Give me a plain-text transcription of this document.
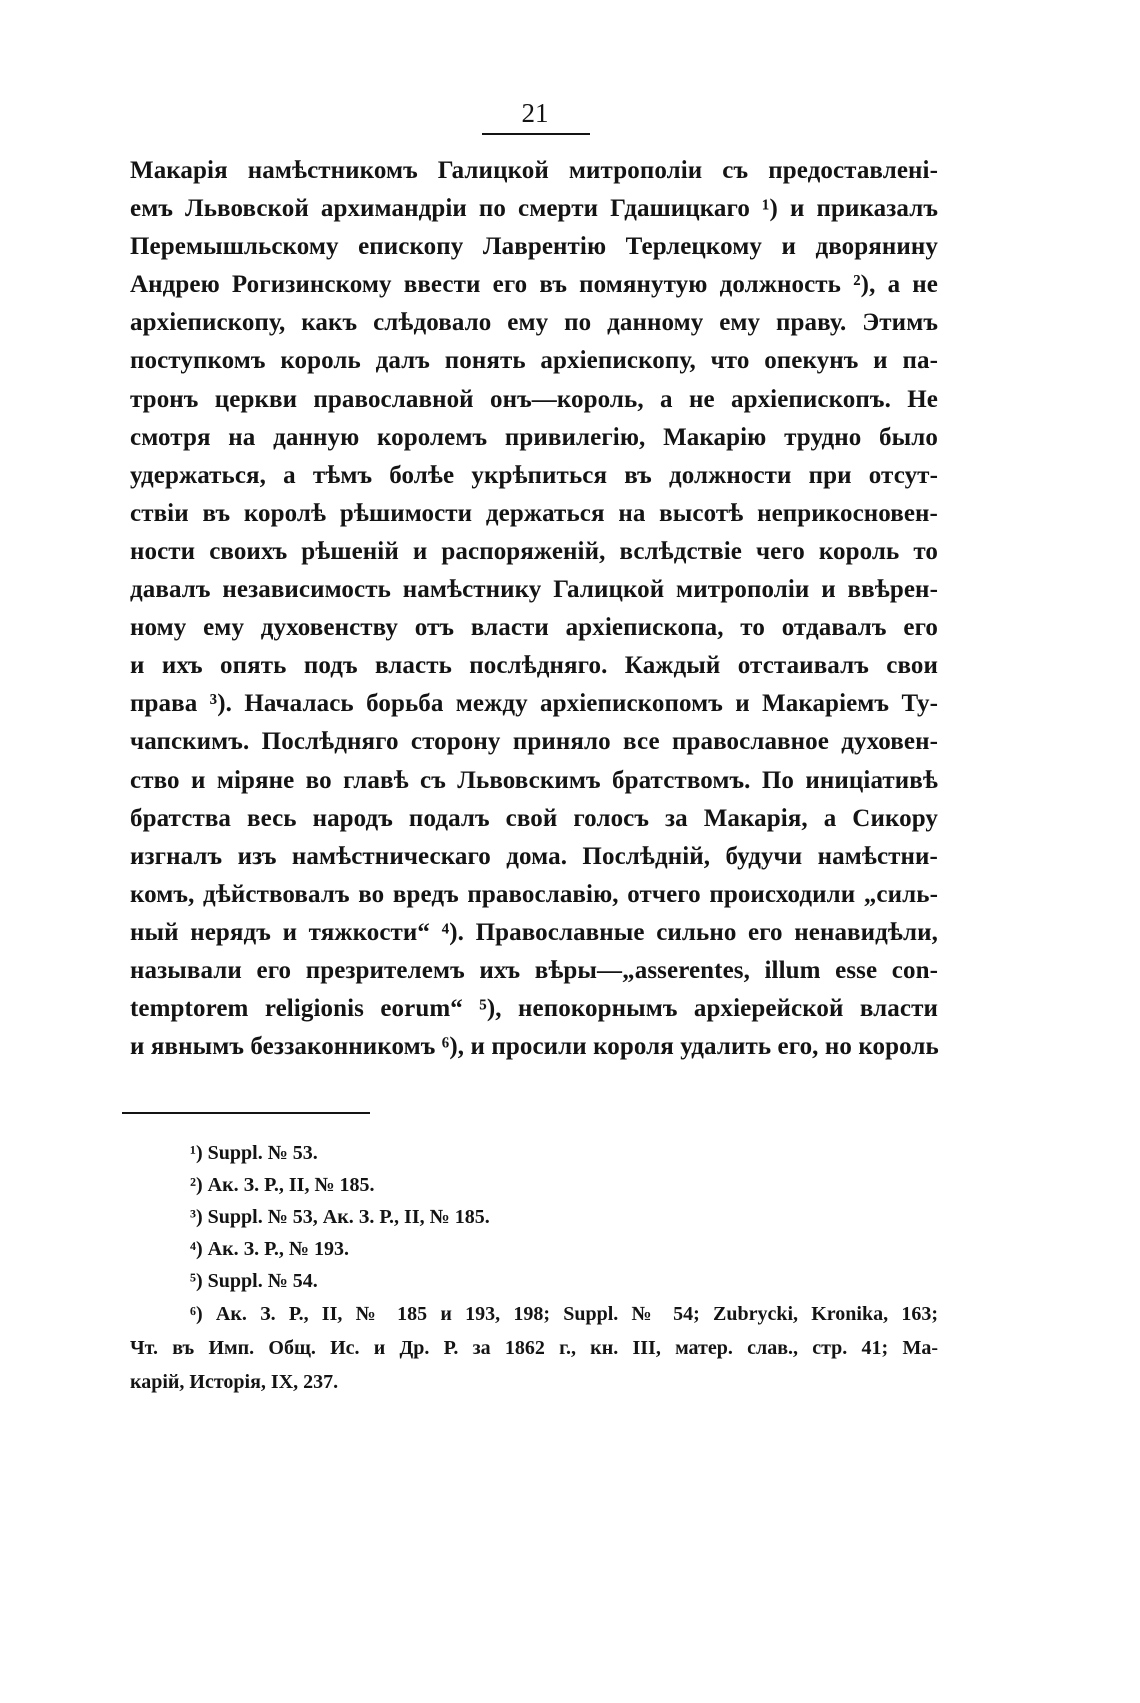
21
Макарія намѣстникомъ Галицкой митрополіи съ предоставлені-
емъ Львовской архимандріи по смерти Гдашицкаго ¹) и приказалъ
Перемышльскому епископу Лаврентію Терлецкому и дворянину
Андрею Рогизинскому ввести его въ помянутую должность ²), а не
архіепископу, какъ слѣдовало ему по данному ему праву. Этимъ
поступкомъ король далъ понять архіепископу, что опекунъ и па-
тронъ церкви православной онъ—король, а не архіепископъ. Не
смотря на данную королемъ привилегію, Макарію трудно было
удержаться, а тѣмъ болѣе укрѣпиться въ должности при отсут-
ствіи въ королѣ рѣшимости держаться на высотѣ неприкосновен-
ности своихъ рѣшеній и распоряженій, вслѣдствіе чего король то
давалъ независимость намѣстнику Галицкой митрополіи и ввѣрен-
ному ему духовенству отъ власти архіепископа, то отдавалъ его
и ихъ опять подъ власть послѣдняго. Каждый отстаивалъ свои
права ³). Началась борьба между архіепископомъ и Макаріемъ Ту-
чапскимъ. Послѣдняго сторону приняло все православное духовен-
ство и міряне во главѣ съ Львовскимъ братствомъ. По иниціативѣ
братства весь народъ подалъ свой голосъ за Макарія, а Сикору
изгналъ изъ намѣстническаго дома. Послѣдній, будучи намѣстни-
комъ, дѣйствовалъ во вредъ православію, отчего происходили „силь-
ный нерядъ и тяжкости“ ⁴). Православные сильно его ненавидѣли,
называли его презрителемъ ихъ вѣры—„asserentes, illum esse con-
temptorem religionis eorum“ ⁵), непокорнымъ архіерейской власти
и явнымъ беззаконникомъ ⁶), и просили короля удалить его, но король
¹) Suppl. № 53.
²) Ак. З. Р., II, № 185.
³) Suppl. № 53, Ак. З. Р., II, № 185.
⁴) Ак. З. Р., № 193.
⁵) Suppl. № 54.
⁶) Ак. З. Р., II, № 185 и 193, 198; Suppl. № 54; Zubrycki, Kronika, 163;
Чт. въ Имп. Общ. Ис. и Др. Р. за 1862 г., кн. III, матер. слав., стр. 41; Ма-
карій, Исторія, IX, 237.
